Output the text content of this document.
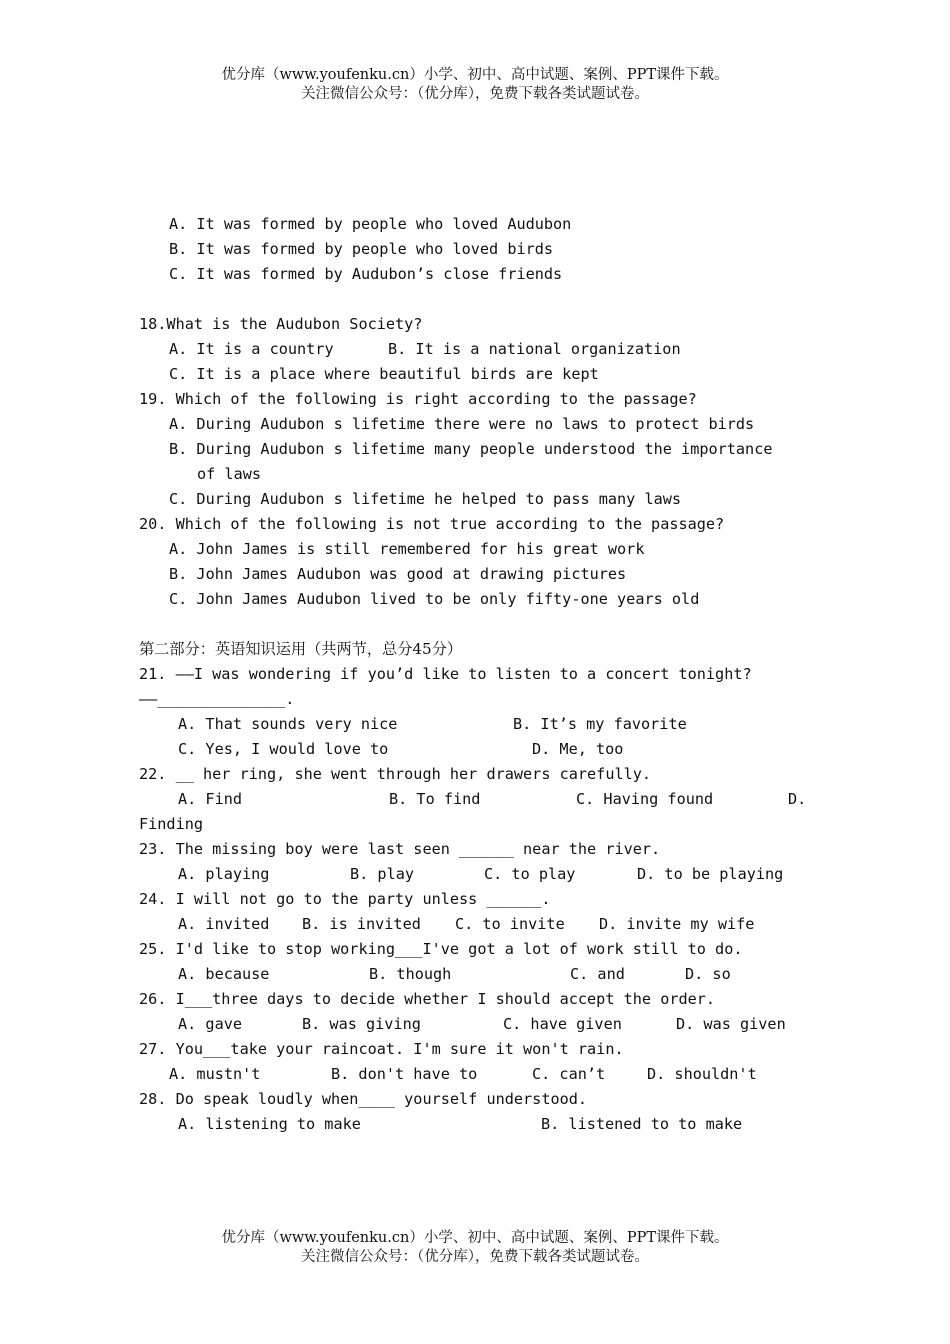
优分库（www.youfenku.cn）小学、初中、高中试题、案例、PPT课件下载。
关注微信公众号：（优分库），免费下载各类试题试卷。
A. It was formed by people who loved Audubon
B. It was formed by people who loved birds
C. It was formed by Audubon’s close friends
18.What is the Audubon Society?

A. It is a country

	B. It is a national organization

C. It is a place where beautiful birds are kept
19. Which of the following is right according to the passage?
A. During Audubon s lifetime there were no laws to protect birds
B. During Audubon s lifetime many people understood the importance
of laws
C. During Audubon s lifetime he helped to pass many laws
20. Which of the following is not true according to the passage?
A. John James is still remembered for his great work
B. John James Audubon was good at drawing pictures
C. John James Audubon lived to be only fifty-one years old
第二部分：英语知识运用（共两节，总分45分）
21. ——I was wondering if you’d like to listen to a concert tonight?
——______________.

A. That sounds very nice

	B. It’s my favorite

C. Yes, I would love to

	D. Me, too

22. __ her ring, she went through her drawers carefully.

A. Find

	B. To find

	C. Having found

	D.

Finding
23. The missing boy were last seen ______ near the river.

A. playing

	B. play

	C. to play

	D. to be playing

24. I will not go to the party unless ______.

A. invited

B. is invited

C. to invite

D. invite my wife

25. I'd like to stop working___I've got a lot of work still to do.

A. because

	B. though

	C. and

	D. so

26. I___three days to decide whether I should accept the order.

A. gave

	B. was giving

	C. have given

	D. was given

27. You___take your raincoat. I'm sure it won't rain.

A. mustn't

	B. don't have to

	C. can’t

	D. shouldn't

28. Do speak loudly when____ yourself understood.

A. listening to make

	B. listened to to make

优分库（www.youfenku.cn）小学、初中、高中试题、案例、PPT课件下载。
关注微信公众号：（优分库），免费下载各类试题试卷。
